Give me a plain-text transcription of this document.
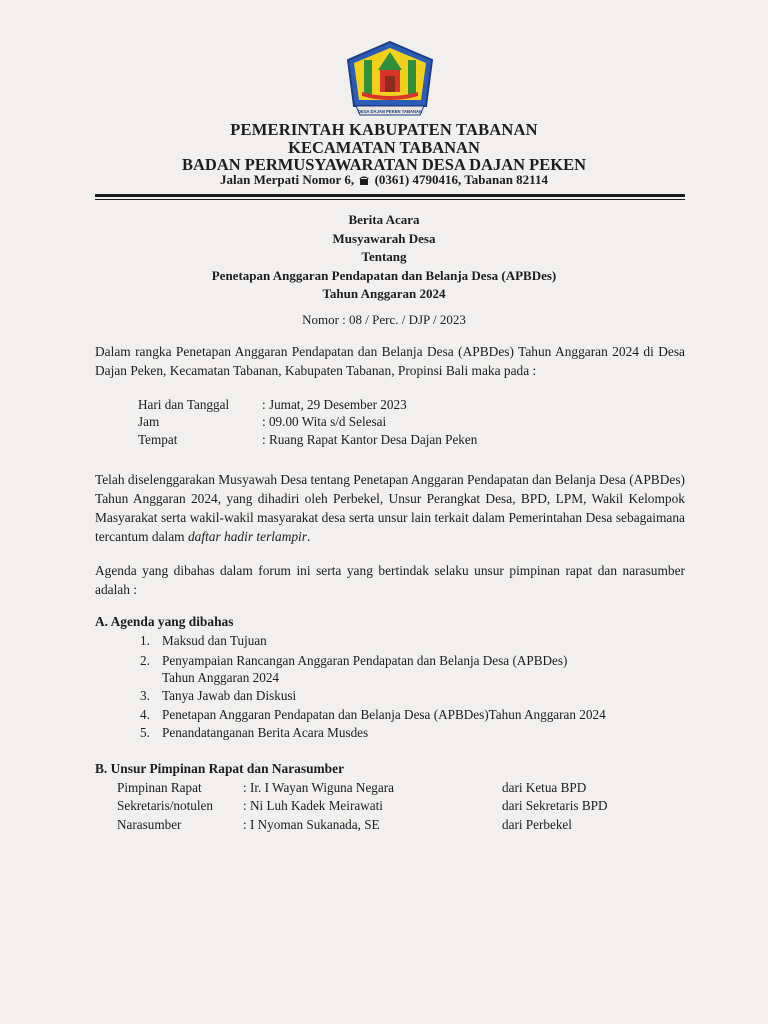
DESA DAJAN PEKEN TABANAN
PEMERINTAH KABUPATEN TABANAN
KECAMATAN TABANAN
BADAN PERMUSYAWARATAN DESA DAJAN PEKEN
Jalan Merpati Nomor 6, (0361) 4790416, Tabanan 82114
Berita Acara
Musyawarah Desa
Tentang
Penetapan Anggaran Pendapatan dan Belanja Desa (APBDes)
Tahun Anggaran 2024
Nomor : 08 / Perc. / DJP / 2023
Dalam rangka Penetapan Anggaran Pendapatan dan Belanja Desa (APBDes) Tahun Anggaran 2024 di Desa Dajan Peken, Kecamatan Tabanan, Kabupaten Tabanan, Propinsi Bali maka pada :
Hari dan Tanggal : Jumat, 29 Desember 2023
Jam	: 09.00 Wita s/d Selesai
Tempat	: Ruang Rapat Kantor Desa Dajan Peken
Telah diselenggarakan Musyawah Desa tentang Penetapan Anggaran Pendapatan dan Belanja Desa (APBDes) Tahun Anggaran 2024, yang dihadiri oleh Perbekel, Unsur Perangkat Desa, BPD, LPM, Wakil Kelompok Masyarakat serta wakil-wakil masyarakat desa serta unsur lain terkait dalam Pemerintahan Desa sebagaimana tercantum dalam daftar hadir terlampir.
Agenda yang dibahas dalam forum ini serta yang bertindak selaku unsur pimpinan rapat dan narasumber adalah :
A. Agenda yang dibahas
1. Maksud dan Tujuan
2. Penyampaian Rancangan Anggaran Pendapatan dan Belanja Desa (APBDes)
Tahun Anggaran 2024
3. Tanya Jawab dan Diskusi
4. Penetapan Anggaran Pendapatan dan Belanja Desa (APBDes)Tahun Anggaran 2024
5. Penandatanganan Berita Acara Musdes
B. Unsur Pimpinan Rapat dan Narasumber
Pimpinan Rapat	: Ir. I Wayan Wiguna Negara	dari Ketua BPD
Sekretaris/notulen : Ni Luh Kadek Meirawati	dari Sekretaris BPD
Narasumber	: I Nyoman Sukanada, SE	dari Perbekel
